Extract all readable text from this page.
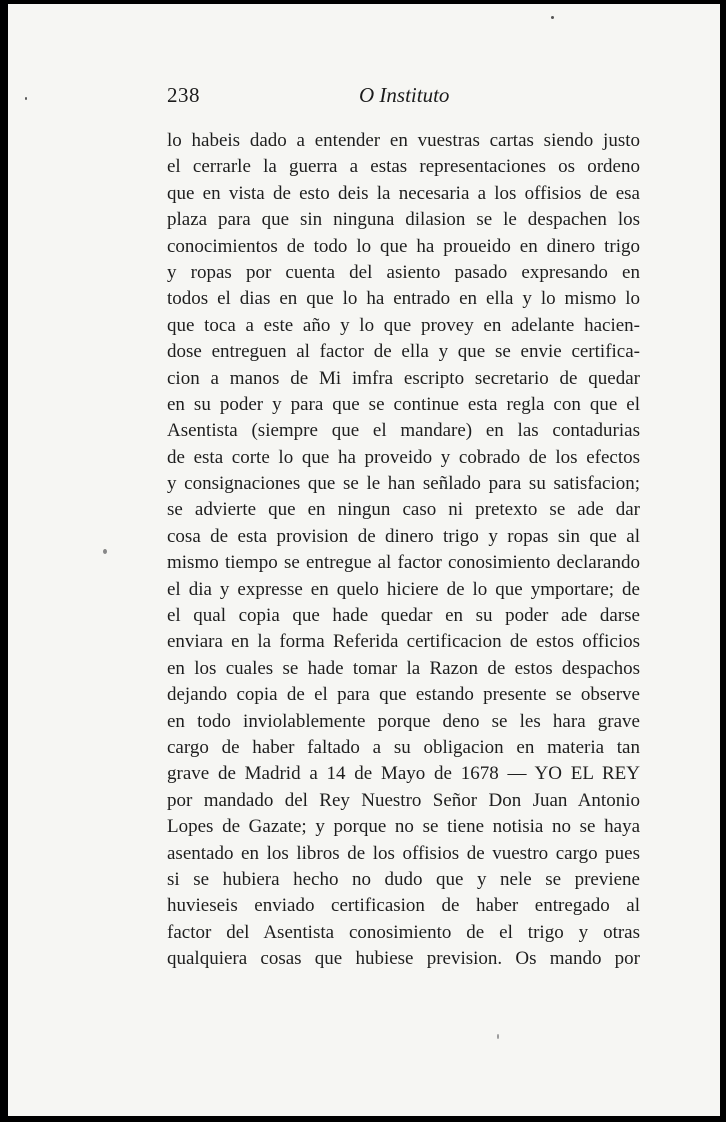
238	O Instituto
lo habeis dado a entender en vuestras cartas siendo justo
el cerrarle la guerra a estas representaciones os ordeno
que en vista de esto deis la necesaria a los offisios de esa
plaza para que sin ninguna dilasion se le despachen los
conocimientos de todo lo que ha proueido en dinero trigo
y ropas por cuenta del asiento pasado expresando en
todos el dias en que lo ha entrado en ella y lo mismo lo
que toca a este año y lo que provey en adelante hacien-
dose entreguen al factor de ella y que se envie certifica-
cion a manos de Mi imfra escripto secretario de quedar
en su poder y para que se continue esta regla con que el
Asentista (siempre que el mandare) en las contadurias
de esta corte lo que ha proveido y cobrado de los efectos
y consignaciones que se le han señlado para su satisfacion;
se advierte que en ningun caso ni pretexto se ade dar
cosa de esta provision de dinero trigo y ropas sin que al
mismo tiempo se entregue al factor conosimiento declarando
el dia y expresse en quelo hiciere de lo que ymportare; de
el qual copia que hade quedar en su poder ade darse
enviara en la forma Referida certificacion de estos officios
en los cuales se hade tomar la Razon de estos despachos
dejando copia de el para que estando presente se observe
en todo inviolablemente porque deno se les hara grave
cargo de haber faltado a su obligacion en materia tan
grave de Madrid a 14 de Mayo de 1678 — YO EL REY
por mandado del Rey Nuestro Señor Don Juan Antonio
Lopes de Gazate; y porque no se tiene notisia no se haya
asentado en los libros de los offisios de vuestro cargo pues
si se hubiera hecho no dudo que y nele se previene
huvieseis enviado certificasion de haber entregado al
factor del Asentista conosimiento de el trigo y otras
qualquiera cosas que hubiese prevision. Os mando por
